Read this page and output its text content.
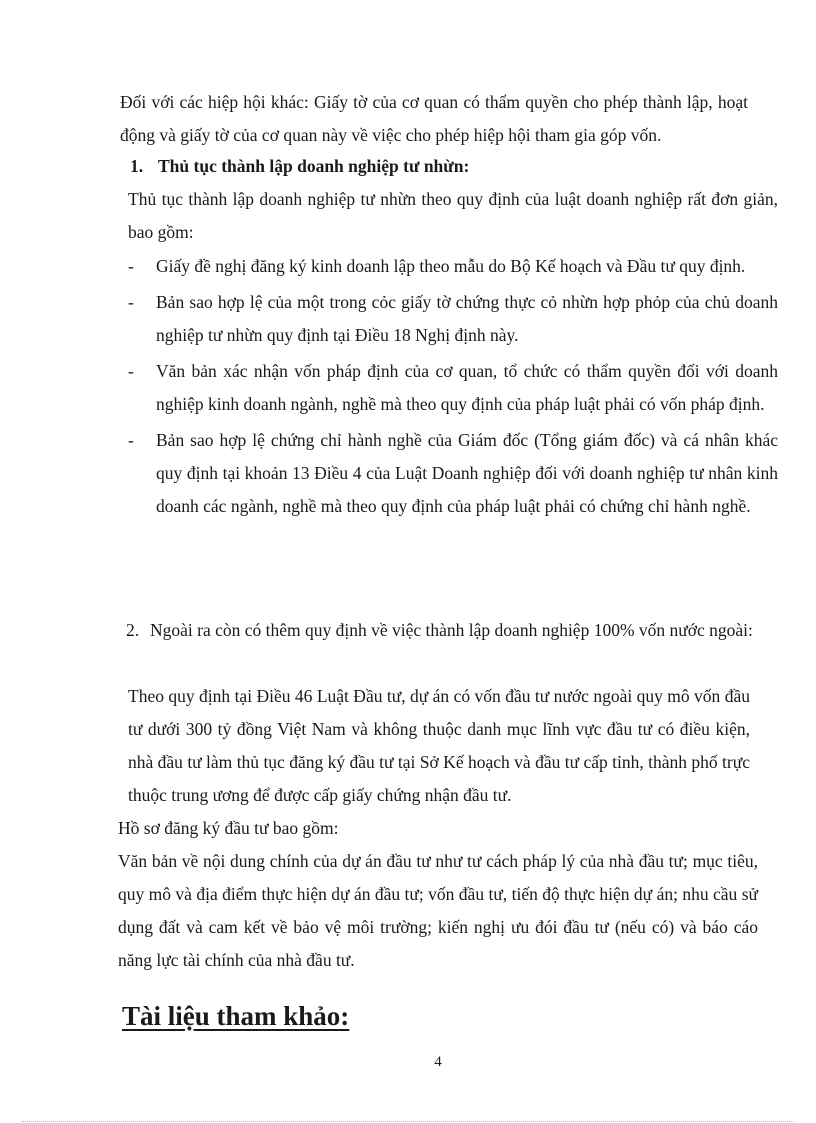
Đối với các hiệp hội khác: Giấy tờ của cơ quan có thẩm quyền cho phép thành lập, hoạt động và giấy tờ của cơ quan này về việc cho phép hiệp hội tham gia góp vốn.

1. Thủ tục thành lập doanh nghiệp tư nhừn:

Thủ tục thành lập doanh nghiệp tư nhừn theo quy định của luật doanh nghiệp rất đơn giản, bao gồm:

- Giấy đề nghị đăng ký kinh doanh lập theo mẫu do Bộ Kế hoạch và Đầu tư quy định.
- Bản sao hợp lệ của một trong cỏc giấy tờ chứng thực cỏ nhừn hợp phỏp của chủ doanh nghiệp tư nhừn quy định tại Điều 18 Nghị định này.
- Văn bản xác nhận vốn pháp định của cơ quan, tổ chức có thẩm quyền đối với doanh nghiệp kinh doanh ngành, nghề mà theo quy định của pháp luật phải có vốn pháp định.
- Bản sao hợp lệ chứng chỉ hành nghề của Giám đốc (Tổng giám đốc) và cá nhân khác quy định tại khoản 13 Điều 4 của Luật Doanh nghiệp đối với doanh nghiệp tư nhân kinh doanh các ngành, nghề mà theo quy định của pháp luật phải có chứng chỉ hành nghề.

2. Ngoài ra còn có thêm quy định về việc thành lập doanh nghiệp 100% vốn nước ngoài:

Theo quy định tại Điều 46 Luật Đầu tư, dự án có vốn đầu tư nước ngoài quy mô vốn đầu tư dưới 300 tỷ đồng Việt Nam và không thuộc danh mục lĩnh vực đầu tư có điều kiện, nhà đầu tư làm thủ tục đăng ký đầu tư tại Sở Kế hoạch và đầu tư cấp tỉnh, thành phố trực thuộc trung ương để được cấp giấy chứng nhận đầu tư.

Hồ sơ đăng ký đầu tư bao gồm:

Văn bản về nội dung chính của dự án đầu tư như tư cách pháp lý của nhà đầu tư; mục tiêu, quy mô và địa điểm thực hiện dự án đầu tư; vốn đầu tư, tiến độ thực hiện dự án; nhu cầu sử dụng đất và cam kết về bảo vệ môi trường; kiến nghị ưu đói đầu tư (nếu có) và báo cáo năng lực tài chính của nhà đầu tư.

Tài liệu tham khảo:
4
